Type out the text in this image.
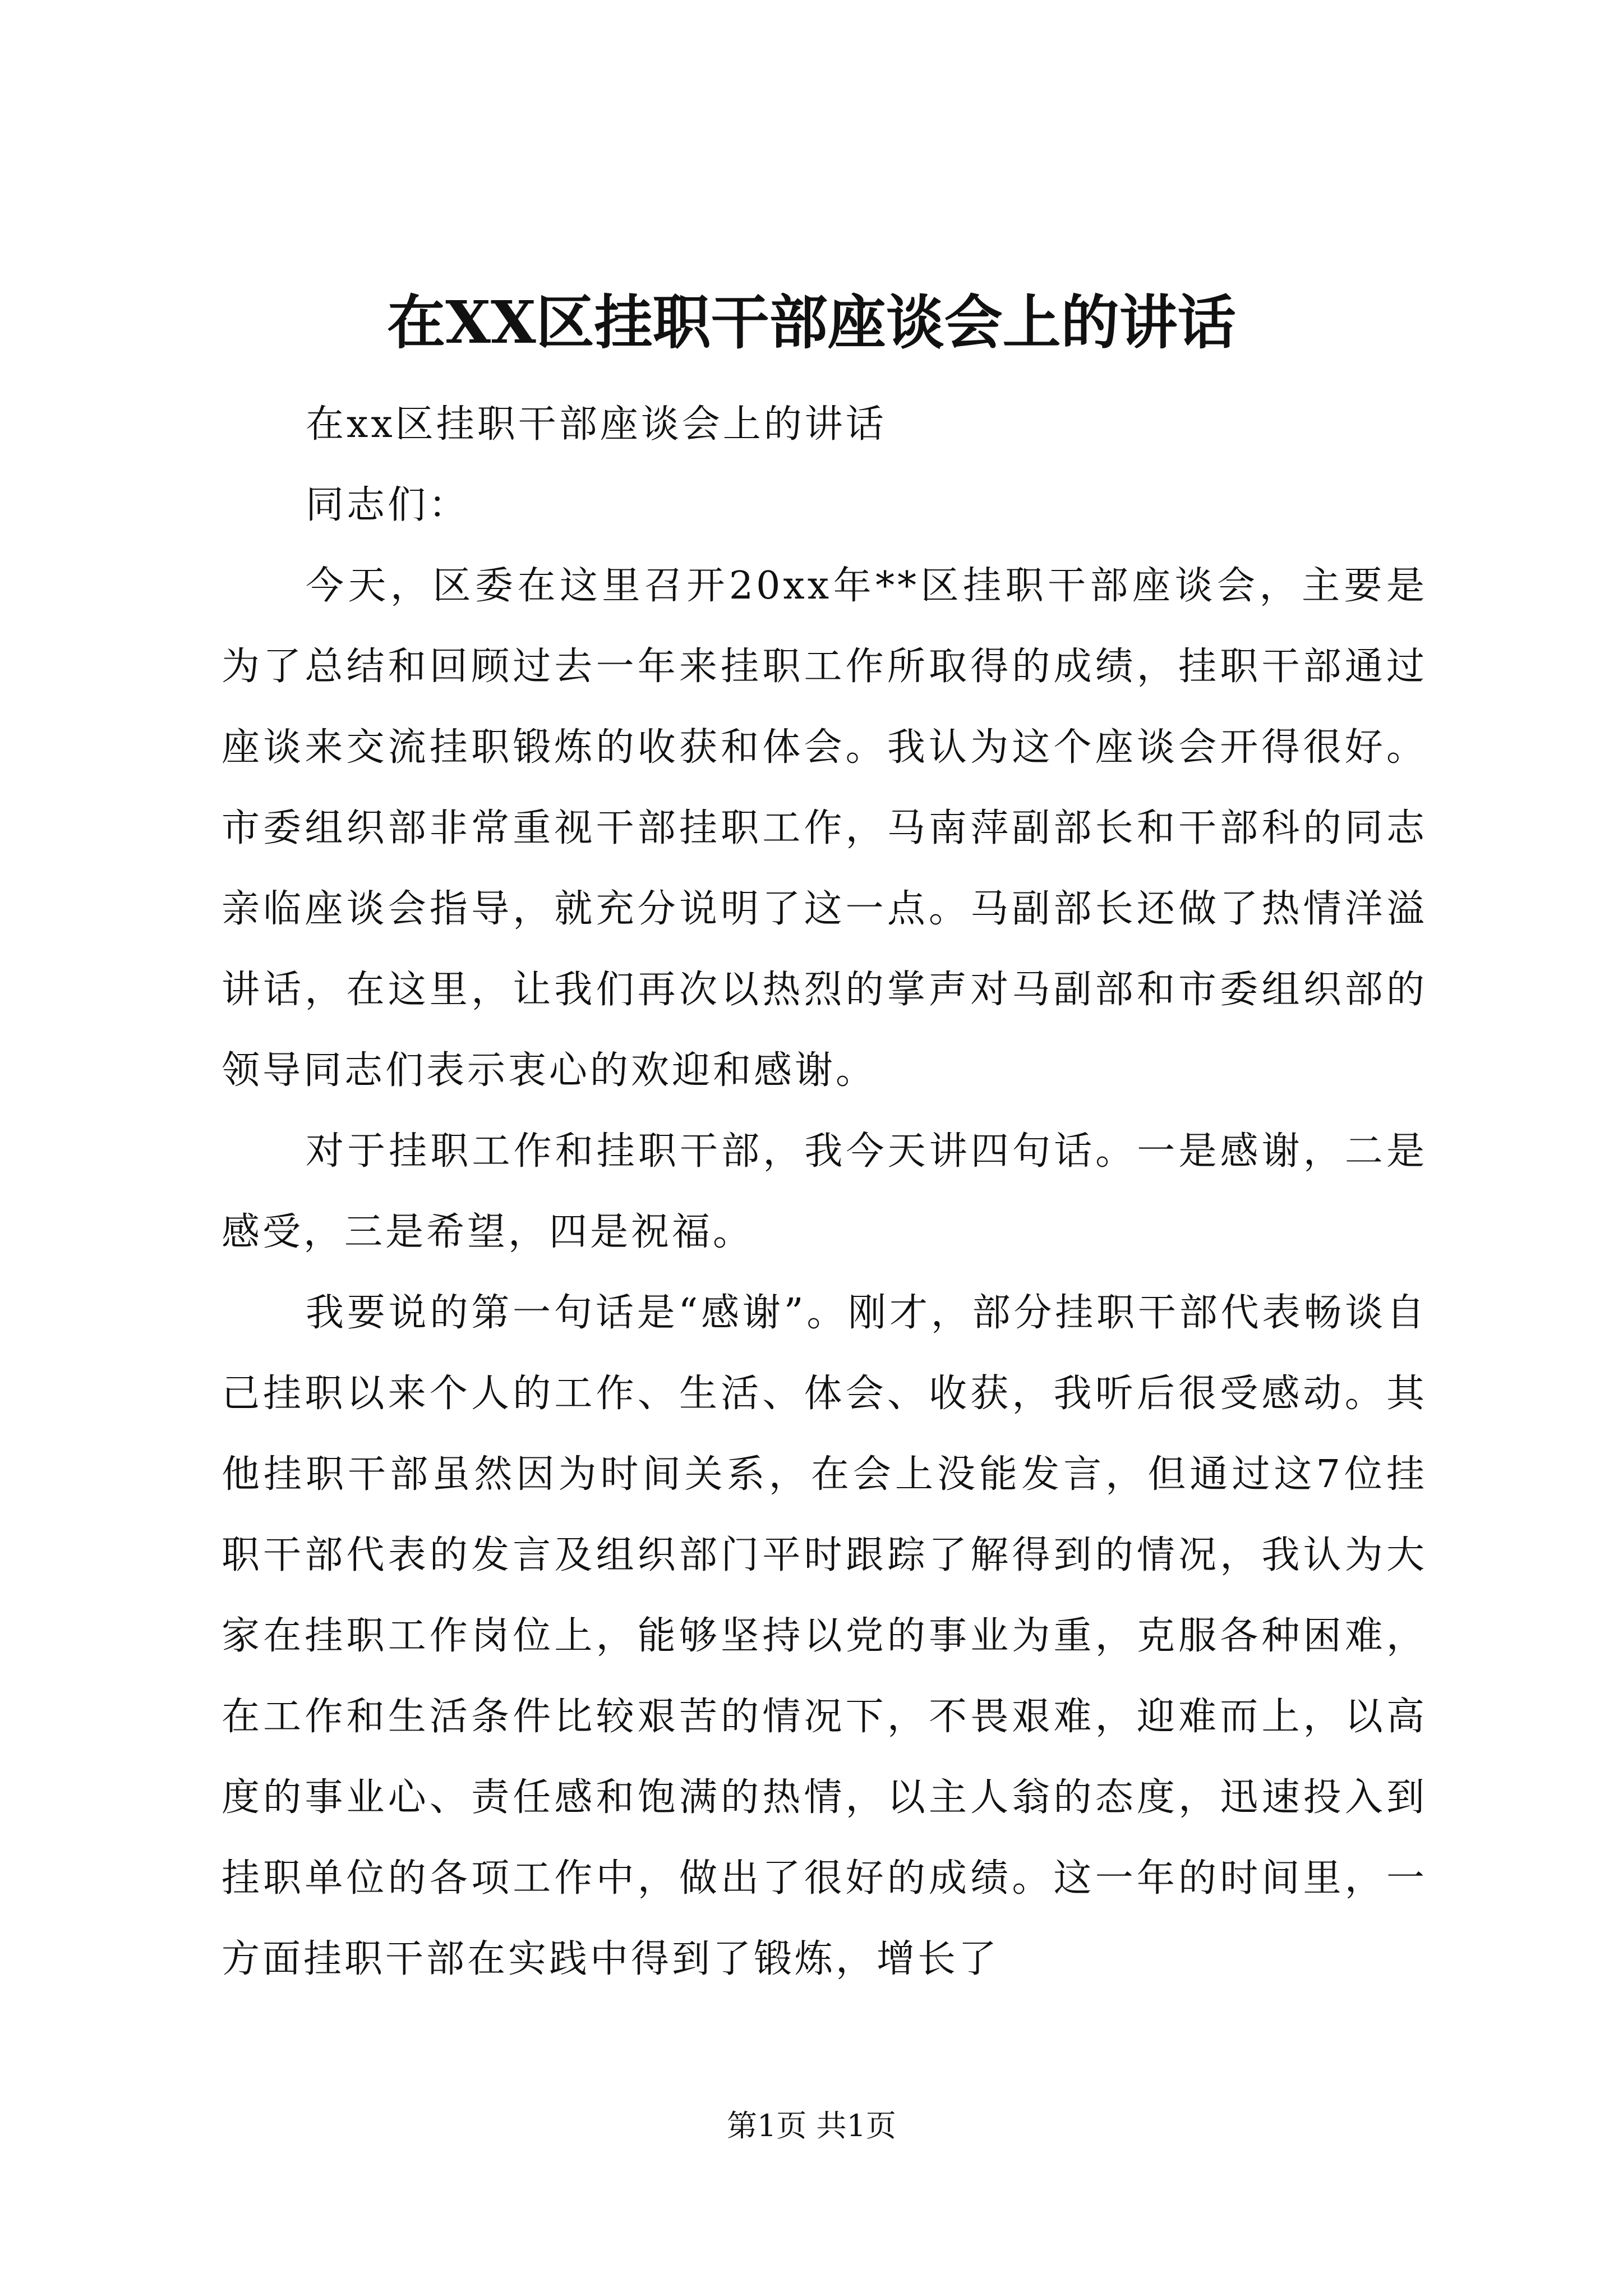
在XX区挂职干部座谈会上的讲话

在xx区挂职干部座谈会上的讲话

同志们：

今天，区委在这里召开20xx年**区挂职干部座谈会，主要是为了总结和回顾过去一年来挂职工作所取得的成绩，挂职干部通过座谈来交流挂职锻炼的收获和体会。我认为这个座谈会开得很好。市委组织部非常重视干部挂职工作，马南萍副部长和干部科的同志亲临座谈会指导，就充分说明了这一点。马副部长还做了热情洋溢讲话，在这里，让我们再次以热烈的掌声对马副部和市委组织部的领导同志们表示衷心的欢迎和感谢。

对于挂职工作和挂职干部，我今天讲四句话。一是感谢，二是感受，三是希望，四是祝福。

我要说的第一句话是“感谢”。刚才，部分挂职干部代表畅谈自己挂职以来个人的工作、生活、体会、收获，我听后很受感动。其他挂职干部虽然因为时间关系，在会上没能发言，但通过这7位挂职干部代表的发言及组织部门平时跟踪了解得到的情况，我认为大家在挂职工作岗位上，能够坚持以党的事业为重，克服各种困难，在工作和生活条件比较艰苦的情况下，不畏艰难，迎难而上，以高度的事业心、责任感和饱满的热情，以主人翁的态度，迅速投入到挂职单位的各项工作中，做出了很好的成绩。这一年的时间里，一方面挂职干部在实践中得到了锻炼，增长了

第1页 共1页
